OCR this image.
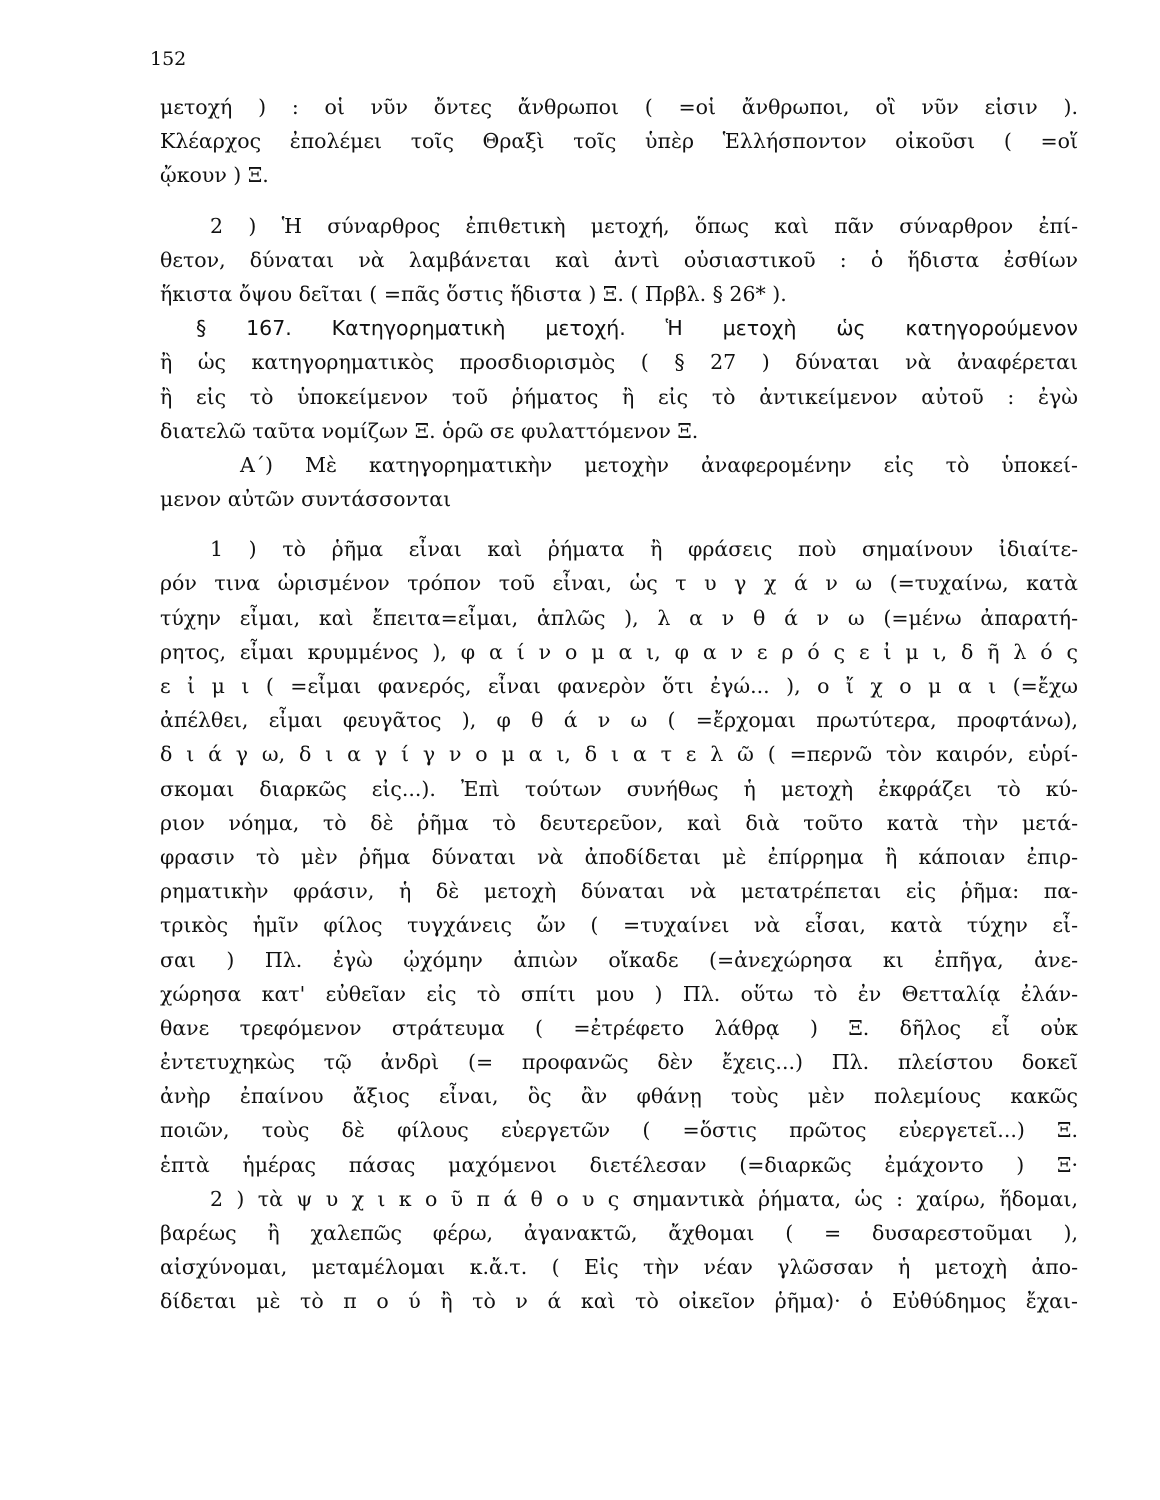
152
μετοχή ) : οἱ νῦν ὄντες ἄνθρωποι ( =οἱ ἄνθρωποι, οἳ νῦν εἰσιν ).
Κλέαρχος ἐπολέμει τοῖς Θραξὶ τοῖς ὑπὲρ Ἑλλήσποντον οἰκοῦσι ( =οἵ
ᾤκουν ) Ξ.
2 ) Ἡ σύναρθρος ἐπιθετικὴ μετοχή, ὅπως καὶ πᾶν σύναρθρον ἐπί-
θετον, δύναται νὰ λαμβάνεται καὶ ἀντὶ οὐσιαστικοῦ : ὁ ἥδιστα ἐσθίων
ἥκιστα ὄψου δεῖται ( =πᾶς ὅστις ἥδιστα ) Ξ. ( Πρβλ. § 26* ).
§ 167. Κατηγορηματικὴ μετοχή. Ἡ μετοχὴ ὡς κατηγορούμενον
ἢ ὡς κατηγορηματικὸς προσδιορισμὸς ( § 27 ) δύναται νὰ ἀναφέρεται
ἢ εἰς τὸ ὑποκείμενον τοῦ ῥήματος ἢ εἰς τὸ ἀντικείμενον αὐτοῦ : ἐγὼ
διατελῶ ταῦτα νομίζων Ξ. ὁρῶ σε φυλαττόμενον Ξ.
Α΄) Μὲ κατηγορηματικὴν μετοχὴν ἀναφερομένην εἰς τὸ ὑποκεί-
μενον αὐτῶν συντάσσονται
1 ) τὸ ῥῆμα εἶναι καὶ ῥήματα ἢ φράσεις ποὺ σημαίνουν ἰδιαίτε-
ρόν τινα ὡρισμένον τρόπον τοῦ εἶναι, ὡς τ υ γ χ ά ν ω (=τυχαίνω, κατὰ
τύχην εἶμαι, καὶ ἔπειτα=εἶμαι, ἁπλῶς ), λ α ν θ ά ν ω (=μένω ἀπαρατή-
ρητος, εἶμαι κρυμμένος ), φ α ί ν ο μ α ι, φ α ν ε ρ ό ς ε ἰ μ ι, δ ῆ λ ό ς
ε ἰ μ ι ( =εἶμαι φανερός, εἶναι φανερὸν ὅτι ἐγώ... ), ο ἴ χ ο μ α ι (=ἔχω
ἀπέλθει, εἶμαι φευγᾶτος ), φ θ ά ν ω ( =ἔρχομαι πρωτύτερα, προφτάνω),
δ ι ά γ ω, δ ι α γ ί γ ν ο μ α ι, δ ι α τ ε λ ῶ ( =περνῶ τὸν καιρόν, εὑρί-
σκομαι διαρκῶς εἰς...). Ἐπὶ τούτων συνήθως ἡ μετοχὴ ἐκφράζει τὸ κύ-
ριον νόημα, τὸ δὲ ῥῆμα τὸ δευτερεῦον, καὶ διὰ τοῦτο κατὰ τὴν μετά-
φρασιν τὸ μὲν ῥῆμα δύναται νὰ ἀποδίδεται μὲ ἐπίρρημα ἢ κάποιαν ἐπιρ-
ρηματικὴν φράσιν, ἡ δὲ μετοχὴ δύναται νὰ μετατρέπεται εἰς ῥῆμα: πα-
τρικὸς ἡμῖν φίλος τυγχάνεις ὤν ( =τυχαίνει νὰ εἶσαι, κατὰ τύχην εἶ-
σαι ) Πλ. ἐγὼ ᾠχόμην ἀπιὼν οἴκαδε (=ἀνεχώρησα κι ἐπῆγα, ἀνε-
χώρησα κατ' εὐθεῖαν εἰς τὸ σπίτι μου ) Πλ. οὕτω τὸ ἐν Θετταλίᾳ ἐλάν-
θανε τρεφόμενον στράτευμα ( =ἐτρέφετο λάθρᾳ ) Ξ. δῆλος εἶ οὐκ
ἐντετυχηκὼς τῷ ἀνδρὶ (= προφανῶς δὲν ἔχεις...) Πλ. πλείστου δοκεῖ
ἀνὴρ ἐπαίνου ἄξιος εἶναι, ὃς ἂν φθάνῃ τοὺς μὲν πολεμίους κακῶς
ποιῶν, τοὺς δὲ φίλους εὐεργετῶν ( =ὅστις πρῶτος εὐεργετεῖ...) Ξ.
ἑπτὰ ἡμέρας πάσας μαχόμενοι διετέλεσαν (=διαρκῶς ἐμάχοντο ) Ξ·
2 ) τὰ ψ υ χ ι κ ο ῦ π ά θ ο υ ς σημαντικὰ ῥήματα, ὡς : χαίρω, ἥδομαι,
βαρέως ἢ χαλεπῶς φέρω, ἀγανακτῶ, ἄχθομαι ( = δυσαρεστοῦμαι ),
αἰσχύνομαι, μεταμέλομαι κ.ἄ.τ. ( Εἰς τὴν νέαν γλῶσσαν ἡ μετοχὴ ἀπο-
δίδεται μὲ τὸ π ο ύ ἢ τὸ ν ά καὶ τὸ οἰκεῖον ῥῆμα)· ὁ Εὐθύδημος ἔχαι-
